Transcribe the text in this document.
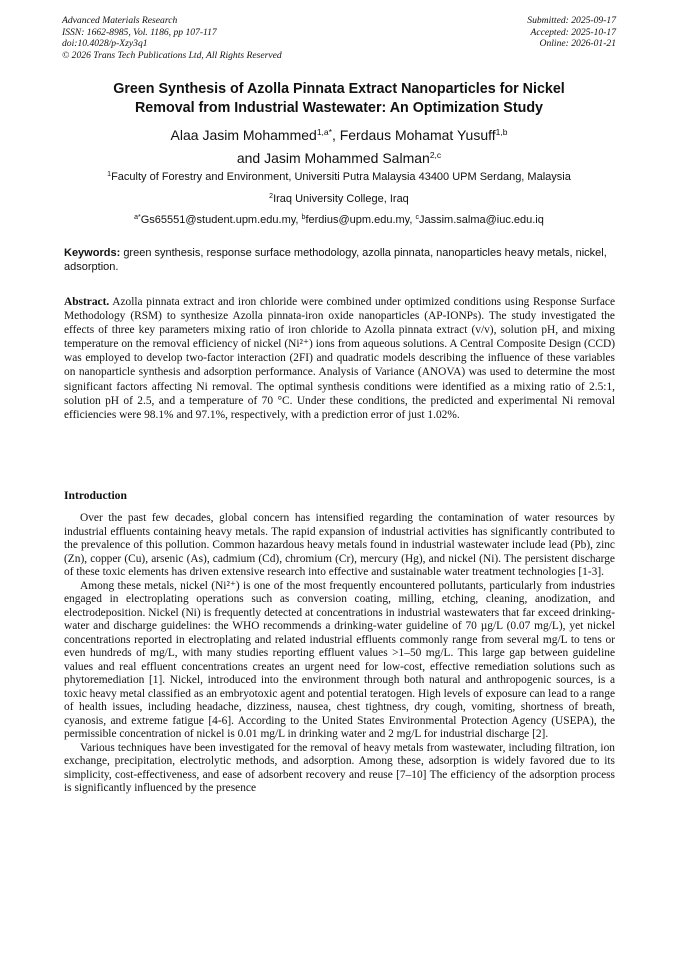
Advanced Materials Research
ISSN: 1662-8985, Vol. 1186, pp 107-117
doi:10.4028/p-Xzy3q1
© 2026 Trans Tech Publications Ltd, All Rights Reserved
Submitted: 2025-09-17
Accepted: 2025-10-17
Online: 2026-01-21
Green Synthesis of Azolla Pinnata Extract Nanoparticles for Nickel
Removal from Industrial Wastewater: An Optimization Study
Alaa Jasim Mohammed$^{1,a*}$, Ferdaus Mohamat Yusuff$^{1,b}$
and Jasim Mohammed Salman$^{2,c}$
$^1$Faculty of Forestry and Environment, Universiti Putra Malaysia 43400 UPM Serdang, Malaysia
$^2$Iraq University College, Iraq
$^{a*}$Gs65551@student.upm.edu.my, $^b$ferdius@upm.edu.my, $^c$Jassim.salma@iuc.edu.iq
Keywords: green synthesis, response surface methodology, azolla pinnata, nanoparticles heavy metals, nickel, adsorption.
Abstract. Azolla pinnata extract and iron chloride were combined under optimized conditions using Response Surface Methodology (RSM) to synthesize Azolla pinnata-iron oxide nanoparticles (AP-IONPs). The study investigated the effects of three key parameters mixing ratio of iron chloride to Azolla pinnata extract (v/v), solution pH, and mixing temperature on the removal efficiency of nickel (Ni²⁺) ions from aqueous solutions. A Central Composite Design (CCD) was employed to develop two-factor interaction (2FI) and quadratic models describing the influence of these variables on nanoparticle synthesis and adsorption performance. Analysis of Variance (ANOVA) was used to determine the most significant factors affecting Ni removal. The optimal synthesis conditions were identified as a mixing ratio of 2.5:1, solution pH of 2.5, and a temperature of 70 °C. Under these conditions, the predicted and experimental Ni removal efficiencies were 98.1% and 97.1%, respectively, with a prediction error of just 1.02%.
Introduction

Over the past few decades, global concern has intensified regarding the contamination of water resources by industrial effluents containing heavy metals. The rapid expansion of industrial activities has significantly contributed to the prevalence of this pollution. Common hazardous heavy metals found in industrial wastewater include lead (Pb), zinc (Zn), copper (Cu), arsenic (As), cadmium (Cd), chromium (Cr), mercury (Hg), and nickel (Ni). The persistent discharge of these toxic elements has driven extensive research into effective and sustainable water treatment technologies [1-3].

Among these metals, nickel (Ni²⁺) is one of the most frequently encountered pollutants, particularly from industries engaged in electroplating operations such as conversion coating, milling, etching, cleaning, anodization, and electrodeposition. Nickel (Ni) is frequently detected at concentrations in industrial wastewaters that far exceed drinking-water and discharge guidelines: the WHO recommends a drinking-water guideline of 70 µg/L (0.07 mg/L), yet nickel concentrations reported in electroplating and related industrial effluents commonly range from several mg/L to tens or even hundreds of mg/L, with many studies reporting effluent values >1–50 mg/L. This large gap between guideline values and real effluent concentrations creates an urgent need for low-cost, effective remediation solutions such as phytoremediation [1]. Nickel, introduced into the environment through both natural and anthropogenic sources, is a toxic heavy metal classified as an embryotoxic agent and potential teratogen. High levels of exposure can lead to a range of health issues, including headache, dizziness, nausea, chest tightness, dry cough, vomiting, shortness of breath, cyanosis, and extreme fatigue [4-6]. According to the United States Environmental Protection Agency (USEPA), the permissible concentration of nickel is 0.01 mg/L in drinking water and 2 mg/L for industrial discharge [2].

Various techniques have been investigated for the removal of heavy metals from wastewater, including filtration, ion exchange, precipitation, electrolytic methods, and adsorption. Among these, adsorption is widely favored due to its simplicity, cost-effectiveness, and ease of adsorbent recovery and reuse [7–10] The efficiency of the adsorption process is significantly influenced by the presence
